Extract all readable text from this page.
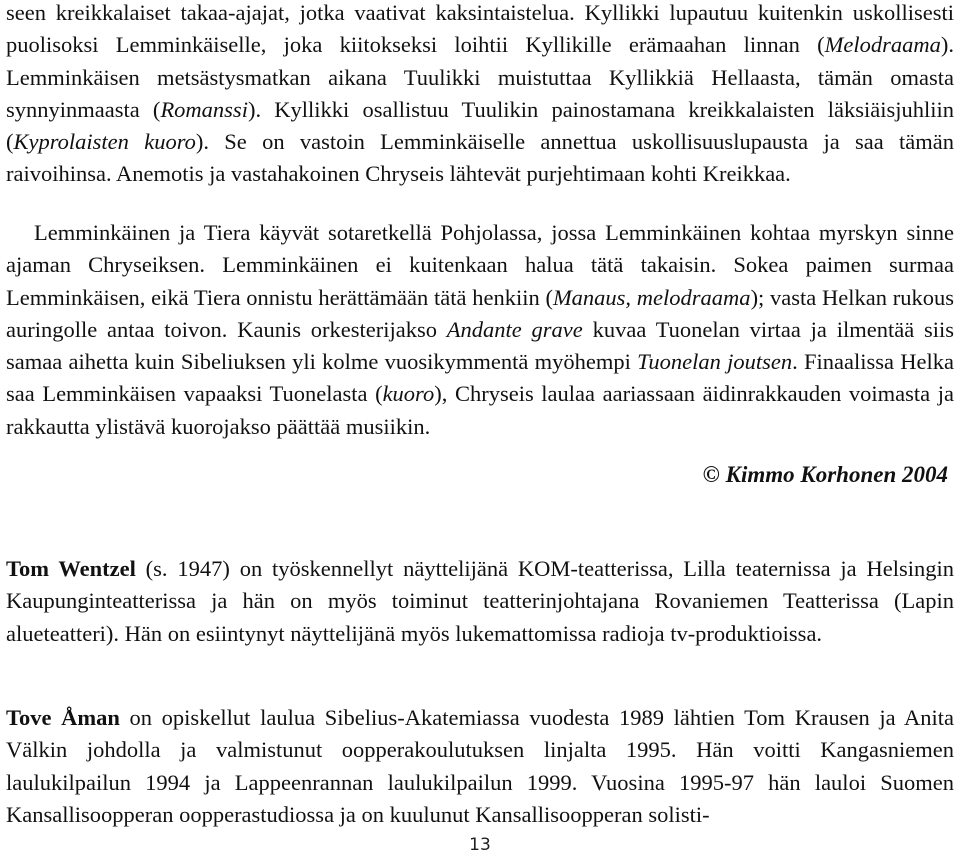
seen kreikkalaiset takaa-ajajat, jotka vaativat kaksintaistelua. Kyllikki lupautuu kuitenkin uskollisesti puolisoksi Lemminkäiselle, joka kiitokseksi loihtii Kyllikille erämaahan linnan (Melodraama). Lemminkäisen metsästysmatkan aikana Tuulikki muistuttaa Kyllikkiä Hellaasta, tämän omasta synnyinmaasta (Romanssi). Kyllikki osallistuu Tuulikin painostamana kreikkalaisten läksiäisjuhliin (Kyprolaisten kuoro). Se on vastoin Lemminkäiselle annettua uskollisuuslupausta ja saa tämän raivoihinsa. Anemotis ja vastahakoinen Chryseis lähtevät purjehtimaan kohti Kreikkaa.

Lemminkäinen ja Tiera käyvät sotaretkellä Pohjolassa, jossa Lemminkäinen kohtaa myrskyn sinne ajaman Chryseiksen. Lemminkäinen ei kuitenkaan halua tätä takaisin. Sokea paimen surmaa Lemminkäisen, eikä Tiera onnistu herättämään tätä henkiin (Manaus, melodraama); vasta Helkan rukous auringolle antaa toivon. Kaunis orkesterijakso Andante grave kuvaa Tuonelan virtaa ja ilmentää siis samaa aihetta kuin Sibeliuksen yli kolme vuosikymmentä myöhempi Tuonelan joutsen. Finaalissa Helka saa Lemminkäisen vapaaksi Tuonelasta (kuoro), Chryseis laulaa aariassaan äidinrakkauden voimasta ja rakkautta ylistävä kuorojakso päättää musiikin.

© Kimmo Korhonen 2004

Tom Wentzel (s. 1947) on työskennellyt näyttelijänä KOM-teatterissa, Lilla teaternissa ja Helsingin Kaupunginteatterissa ja hän on myös toiminut teatterinjohtajana Rovaniemen Teatterissa (Lapin alueteatteri). Hän on esiintynyt näyttelijänä myös lukemattomissa radioja tv-produktioissa.

Tove Åman on opiskellut laulua Sibelius-Akatemiassa vuodesta 1989 lähtien Tom Krausen ja Anita Välkin johdolla ja valmistunut oopperakoulutuksen linjalta 1995. Hän voitti Kangasniemen laulukilpailun 1994 ja Lappeenrannan laulukilpailun 1999. Vuosina 1995-97 hän lauloi Suomen Kansallisoopperan oopperastudiossa ja on kuulunut Kansallisoopperan solisti-

13
